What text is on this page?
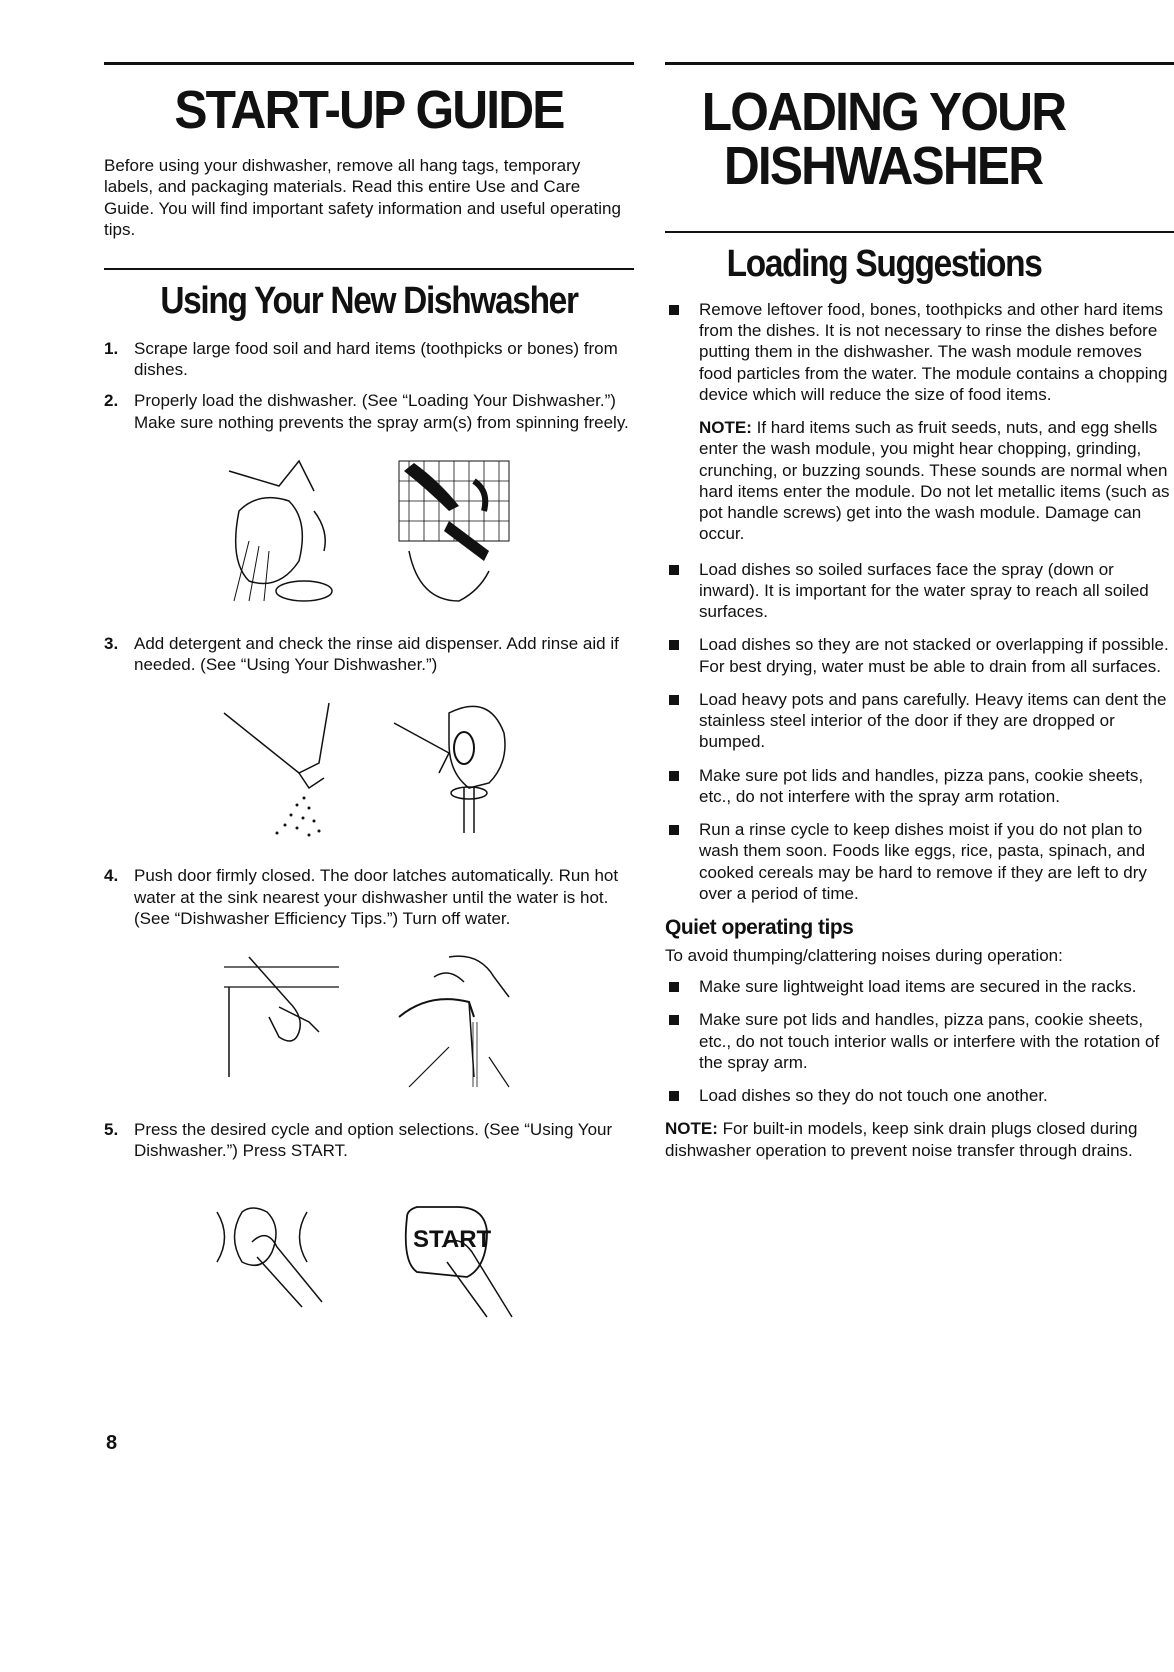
START-UP GUIDE

Before using your dishwasher, remove all hang tags, temporary labels, and packaging materials. Read this entire Use and Care Guide. You will find important safety information and useful operating tips.

Using Your New Dishwasher
1. Scrape large food soil and hard items (toothpicks or bones) from dishes.
2. Properly load the dishwasher. (See “Loading Your Dishwasher.”) Make sure nothing prevents the spray arm(s) from spinning freely.
3. Add detergent and check the rinse aid dispenser. Add rinse aid if needed. (See “Using Your Dishwasher.”)
4. Push door firmly closed. The door latches automatically. Run hot water at the sink nearest your dishwasher until the water is hot. (See “Dishwasher Efficiency Tips.”) Turn off water.
5. Press the desired cycle and option selections. (See “Using Your Dishwasher.”) Press START.
START
LOADING YOUR
DISHWASHER
Loading Suggestions
Remove leftover food, bones, toothpicks and other hard items from the dishes. It is not necessary to rinse the dishes before putting them in the dishwasher. The wash module removes food particles from the water. The module contains a chopping device which will reduce the size of food items.

NOTE: If hard items such as fruit seeds, nuts, and egg shells enter the wash module, you might hear chopping, grinding, crunching, or buzzing sounds. These sounds are normal when hard items enter the module. Do not let metallic items (such as pot handle screws) get into the wash module. Damage can occur.

Load dishes so soiled surfaces face the spray (down or inward). It is important for the water spray to reach all soiled surfaces.
Load dishes so they are not stacked or overlapping if possible. For best drying, water must be able to drain from all surfaces.
Load heavy pots and pans carefully. Heavy items can dent the stainless steel interior of the door if they are dropped or bumped.
Make sure pot lids and handles, pizza pans, cookie sheets, etc., do not interfere with the spray arm rotation.
Run a rinse cycle to keep dishes moist if you do not plan to wash them soon. Foods like eggs, rice, pasta, spinach, and cooked cereals may be hard to remove if they are left to dry over a period of time.
Quiet operating tips

To avoid thumping/clattering noises during operation:

Make sure lightweight load items are secured in the racks.
Make sure pot lids and handles, pizza pans, cookie sheets, etc., do not touch interior walls or interfere with the rotation of the spray arm.
Load dishes so they do not touch one another.

NOTE: For built-in models, keep sink drain plugs closed during dishwasher operation to prevent noise transfer through drains.

8
